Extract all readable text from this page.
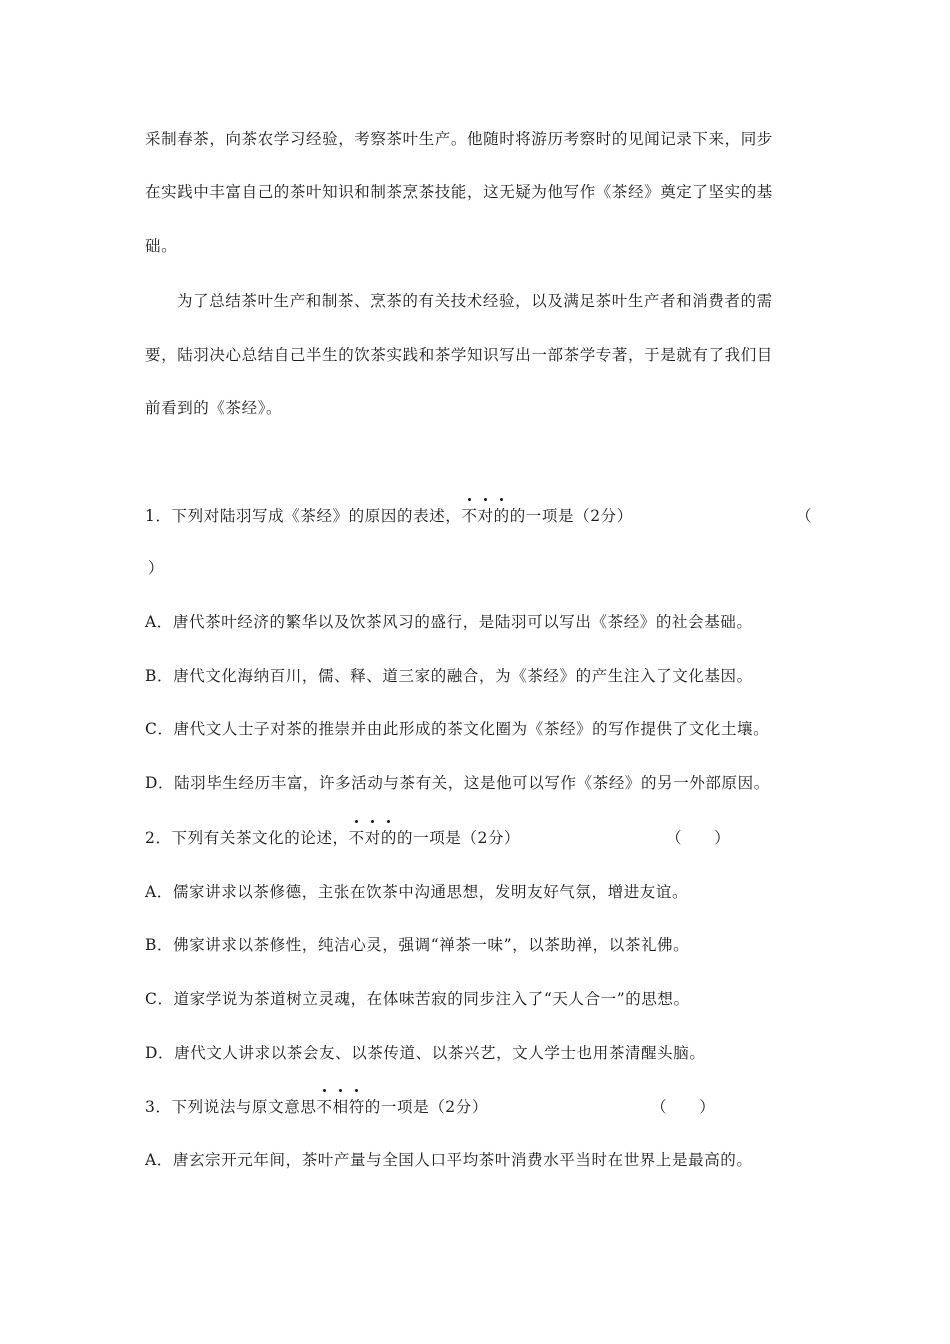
采制春茶，向茶农学习经验，考察茶叶生产。他随时将游历考察时的见闻记录下来，同步
在实践中丰富自己的茶叶知识和制茶烹茶技能，这无疑为他写作《茶经》奠定了坚实的基
础。
为了总结茶叶生产和制茶、烹茶的有关技术经验，以及满足茶叶生产者和消费者的需
要，陆羽决心总结自己半生的饮茶实践和茶学知识写出一部茶学专著，于是就有了我们目
前看到的《茶经》。
1．下列对陆羽写成《茶经》的原因的表述，不对的的一项是（2分）	（
）
A．唐代茶叶经济的繁华以及饮茶风习的盛行，是陆羽可以写出《茶经》的社会基础。
B．唐代文化海纳百川，儒、释、道三家的融合，为《茶经》的产生注入了文化基因。
C．唐代文人士子对茶的推崇并由此形成的茶文化圈为《茶经》的写作提供了文化土壤。
D．陆羽毕生经历丰富，许多活动与茶有关，这是他可以写作《茶经》的另一外部原因。
2．下列有关茶文化的论述，不对的的一项是（2分）	（　　）
A．儒家讲求以茶修德，主张在饮茶中沟通思想，发明友好气氛，增进友谊。
B．佛家讲求以茶修性，纯洁心灵，强调“禅茶一味”，以茶助禅，以茶礼佛。
C．道家学说为茶道树立灵魂，在体味苦寂的同步注入了“天人合一”的思想。
D．唐代文人讲求以茶会友、以茶传道、以茶兴艺，文人学士也用茶清醒头脑。
3．下列说法与原文意思不相符的一项是（2分）	（　　）
A．唐玄宗开元年间，茶叶产量与全国人口平均茶叶消费水平当时在世界上是最高的。
